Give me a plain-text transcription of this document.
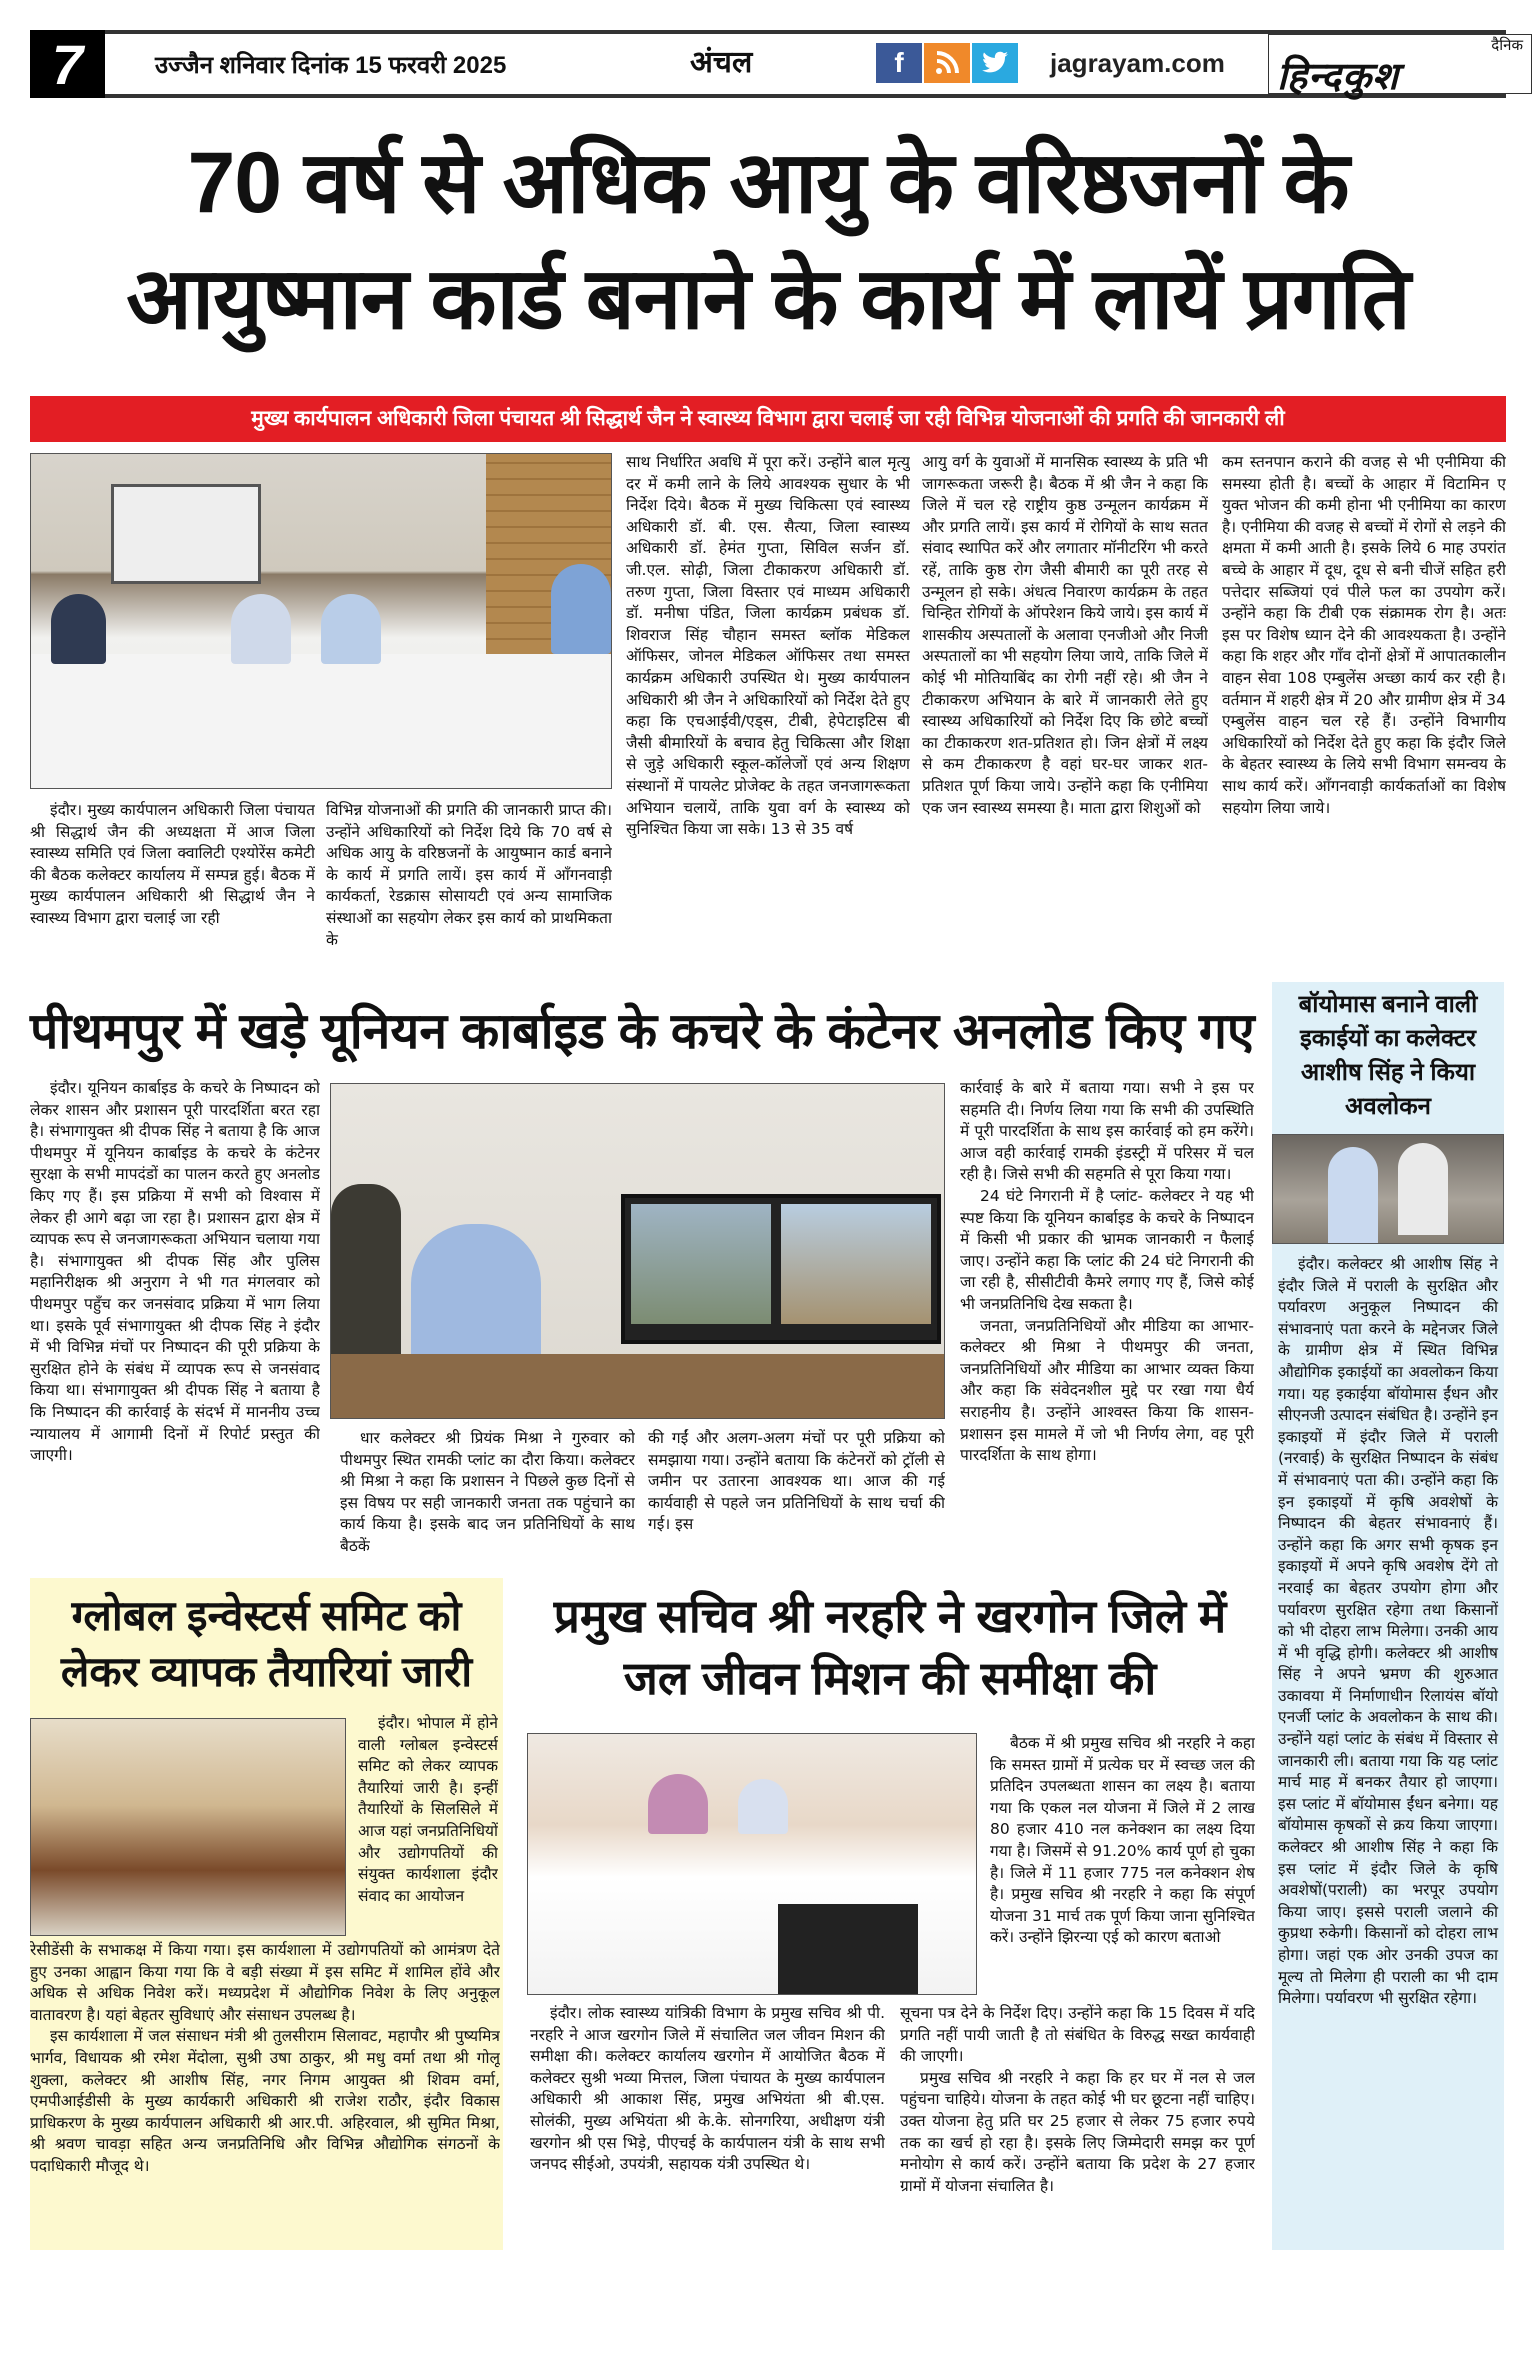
7	उज्जैन शनिवार दिनांक 15 फरवरी 2025	अंचल	f	jagrayam.com
दैनिक
हिन्दकुश
70 वर्ष से अधिक आयु के वरिष्ठजनों के
आयुष्मान कार्ड बनाने के कार्य में लायें प्रगति
मुख्य कार्यपालन अधिकारी जिला पंचायत श्री सिद्धार्थ जैन ने स्वास्थ्य विभाग द्वारा चलाई जा रही विभिन्न योजनाओं की प्रगति की जानकारी ली

इंदौर। मुख्य कार्यपालन अधिकारी जिला पंचायत श्री सिद्धार्थ जैन की अध्यक्षता में आज जिला स्वास्थ्य समिति एवं जिला क्वालिटी एश्योरेंस कमेटी की बैठक कलेक्टर कार्यालय में सम्पन्न हुई। बैठक में मुख्य कार्यपालन अधिकारी श्री सिद्धार्थ जैन ने स्वास्थ्य विभाग द्वारा चलाई जा रही

विभिन्न योजनाओं की प्रगति की जानकारी प्राप्त की। उन्होंने अधिकारियों को निर्देश दिये कि 70 वर्ष से अधिक आयु के वरिष्ठजनों के आयुष्मान कार्ड बनाने के कार्य में प्रगति लायें। इस कार्य में आँगनवाड़ी कार्यकर्ता, रेडक्रास सोसायटी एवं अन्य सामाजिक संस्थाओं का सहयोग लेकर इस कार्य को प्राथमिकता के

साथ निर्धारित अवधि में पूरा करें। उन्होंने बाल मृत्यु दर में कमी लाने के लिये आवश्यक सुधार के भी निर्देश दिये। बैठक में मुख्य चिकित्सा एवं स्वास्थ्य अधिकारी डॉ. बी. एस. सैत्या, जिला स्वास्थ्य अधिकारी डॉ. हेमंत गुप्ता, सिविल सर्जन डॉ. जी.एल. सोढ़ी, जिला टीकाकरण अधिकारी डॉ. तरुण गुप्ता, जिला विस्तार एवं माध्यम अधिकारी डॉ. मनीषा पंडित, जिला कार्यक्रम प्रबंधक डॉ. शिवराज सिंह चौहान समस्त ब्लॉक मेडिकल ऑफिसर, जोनल मेडिकल ऑफिसर तथा समस्त कार्यक्रम अधिकारी उपस्थित थे। मुख्य कार्यपालन अधिकारी श्री जैन ने अधिकारियों को निर्देश देते हुए कहा कि एचआईवी/एड्स, टीबी, हेपेटाइटिस बी जैसी बीमारियों के बचाव हेतु चिकित्सा और शिक्षा से जुड़े अधिकारी स्कूल-कॉलेजों एवं अन्य शिक्षण संस्थानों में पायलेट प्रोजेक्ट के तहत जनजागरूकता अभियान चलायें, ताकि युवा वर्ग के स्वास्थ्य को सुनिश्चित किया जा सके। 13 से 35 वर्ष

आयु वर्ग के युवाओं में मानसिक स्वास्थ्य के प्रति भी जागरूकता जरूरी है। बैठक में श्री जैन ने कहा कि जिले में चल रहे राष्ट्रीय कुष्ठ उन्मूलन कार्यक्रम में और प्रगति लायें। इस कार्य में रोगियों के साथ सतत संवाद स्थापित करें और लगातार मॉनीटरिंग भी करते रहें, ताकि कुष्ठ रोग जैसी बीमारी का पूरी तरह से उन्मूलन हो सके। अंधत्व निवारण कार्यक्रम के तहत चिन्हित रोगियों के ऑपरेशन किये जाये। इस कार्य में शासकीय अस्पतालों के अलावा एनजीओ और निजी अस्पतालों का भी सहयोग लिया जाये, ताकि जिले में कोई भी मोतियाबिंद का रोगी नहीं रहे। श्री जैन ने टीकाकरण अभियान के बारे में जानकारी लेते हुए स्वास्थ्य अधिकारियों को निर्देश दिए कि छोटे बच्चों का टीकाकरण शत-प्रतिशत हो। जिन क्षेत्रों में लक्ष्य से कम टीकाकरण है वहां घर-घर जाकर शत-प्रतिशत पूर्ण किया जाये। उन्होंने कहा कि एनीमिया एक जन स्वास्थ्य समस्या है। माता द्वारा शिशुओं को

कम स्तनपान कराने की वजह से भी एनीमिया की समस्या होती है। बच्चों के आहार में विटामिन ए युक्त भोजन की कमी होना भी एनीमिया का कारण है। एनीमिया की वजह से बच्चों में रोगों से लड़ने की क्षमता में कमी आती है। इसके लिये 6 माह उपरांत बच्चे के आहार में दूध, दूध से बनी चीजें सहित हरी पत्तेदार सब्जियां एवं पीले फल का उपयोग करें। उन्होंने कहा कि टीबी एक संक्रामक रोग है। अतः इस पर विशेष ध्यान देने की आवश्यकता है। उन्होंने कहा कि शहर और गाँव दोनों क्षेत्रों में आपातकालीन वाहन सेवा 108 एम्बुलेंस अच्छा कार्य कर रही है। वर्तमान में शहरी क्षेत्र में 20 और ग्रामीण क्षेत्र में 34 एम्बुलेंस वाहन चल रहे हैं। उन्होंने विभागीय अधिकारियों को निर्देश देते हुए कहा कि इंदौर जिले के बेहतर स्वास्थ्य के लिये सभी विभाग समन्वय के साथ कार्य करें। आँगनवाड़ी कार्यकर्ताओं का विशेष सहयोग लिया जाये।

पीथमपुर में खड़े यूनियन कार्बाइड के कचरे के कंटेनर अनलोड किए गए

इंदौर। यूनियन कार्बाइड के कचरे के निष्पादन को लेकर शासन और प्रशासन पूरी पारदर्शिता बरत रहा है। संभागायुक्त श्री दीपक सिंह ने बताया है कि आज पीथमपुर में यूनियन कार्बाइड के कचरे के कंटेनर सुरक्षा के सभी मापदंडों का पालन करते हुए अनलोड किए गए हैं। इस प्रक्रिया में सभी को विश्वास में लेकर ही आगे बढ़ा जा रहा है। प्रशासन द्वारा क्षेत्र में व्यापक रूप से जनजागरूकता अभियान चलाया गया है। संभागायुक्त श्री दीपक सिंह और पुलिस महानिरीक्षक श्री अनुराग ने भी गत मंगलवार को पीथमपुर पहुँच कर जनसंवाद प्रक्रिया में भाग लिया था। इसके पूर्व संभागायुक्त श्री दीपक सिंह ने इंदौर में भी विभिन्न मंचों पर निष्पादन की पूरी प्रक्रिया के सुरक्षित होने के संबंध में व्यापक रूप से जनसंवाद किया था। संभागायुक्त श्री दीपक सिंह ने बताया है कि निष्पादन की कार्रवाई के संदर्भ में माननीय उच्च न्यायालय में आगामी दिनों में रिपोर्ट प्रस्तुत की जाएगी।

धार कलेक्टर श्री प्रियंक मिश्रा ने गुरुवार को पीथमपुर स्थित रामकी प्लांट का दौरा किया। कलेक्टर श्री मिश्रा ने कहा कि प्रशासन ने पिछले कुछ दिनों से इस विषय पर सही जानकारी जनता तक पहुंचाने का कार्य किया है। इसके बाद जन प्रतिनिधियों के साथ बैठकें

की गईं और अलग-अलग मंचों पर पूरी प्रक्रिया को समझाया गया। उन्होंने बताया कि कंटेनरों को ट्रॉली से जमीन पर उतारना आवश्यक था। आज की गई कार्यवाही से पहले जन प्रतिनिधियों के साथ चर्चा की गई। इस

कार्रवाई के बारे में बताया गया। सभी ने इस पर सहमति दी। निर्णय लिया गया कि सभी की उपस्थिति में पूरी पारदर्शिता के साथ इस कार्रवाई को हम करेंगे। आज वही कार्रवाई रामकी इंडस्ट्री में परिसर में चल रही है। जिसे सभी की सहमति से पूरा किया गया।

24 घंटे निगरानी में है प्लांट- कलेक्टर ने यह भी स्पष्ट किया कि यूनियन कार्बाइड के कचरे के निष्पादन में किसी भी प्रकार की भ्रामक जानकारी न फैलाई जाए। उन्होंने कहा कि प्लांट की 24 घंटे निगरानी की जा रही है, सीसीटीवी कैमरे लगाए गए हैं, जिसे कोई भी जनप्रतिनिधि देख सकता है।

जनता, जनप्रतिनिधियों और मीडिया का आभार- कलेक्टर श्री मिश्रा ने पीथमपुर की जनता, जनप्रतिनिधियों और मीडिया का आभार व्यक्त किया और कहा कि संवेदनशील मुद्दे पर रखा गया धैर्य सराहनीय है। उन्होंने आश्वस्त किया कि शासन-प्रशासन इस मामले में जो भी निर्णय लेगा, वह पूरी पारदर्शिता के साथ होगा।

बॉयोमास बनाने वाली इकाईयों का कलेक्टर आशीष सिंह ने किया अवलोकन

इंदौर। कलेक्टर श्री आशीष सिंह ने इंदौर जिले में पराली के सुरक्षित और पर्यावरण अनुकूल निष्पादन की संभावनाएं पता करने के मद्देनजर जिले के ग्रामीण क्षेत्र में स्थित विभिन्न औद्योगिक इकाईयों का अवलोकन किया गया। यह इकाईया बॉयोमास ईंधन और सीएनजी उत्पादन संबंधित है। उन्होंने इन इकाइयों में इंदौर जिले में पराली (नरवाई) के सुरक्षित निष्पादन के संबंध में संभावनाएं पता की। उन्होंने कहा कि इन इकाइयों में कृषि अवशेषों के निष्पादन की बेहतर संभावनाएं हैं। उन्होंने कहा कि अगर सभी कृषक इन इकाइयों में अपने कृषि अवशेष देंगे तो नरवाई का बेहतर उपयोग होगा और पर्यावरण सुरक्षित रहेगा तथा किसानों को भी दोहरा लाभ मिलेगा। उनकी आय में भी वृद्धि होगी। कलेक्टर श्री आशीष सिंह ने अपने भ्रमण की शुरुआत उकावया में निर्माणाधीन रिलायंस बॉयो एनर्जी प्लांट के अवलोकन के साथ की। उन्होंने यहां प्लांट के संबंध में विस्तार से जानकारी ली। बताया गया कि यह प्लांट मार्च माह में बनकर तैयार हो जाएगा। इस प्लांट में बॉयोमास ईंधन बनेगा। यह बॉयोमास कृषकों से क्रय किया जाएगा। कलेक्टर श्री आशीष सिंह ने कहा कि इस प्लांट में इंदौर जिले के कृषि अवशेषों(पराली) का भरपूर उपयोग किया जाए। इससे पराली जलाने की कुप्रथा रुकेगी। किसानों को दोहरा लाभ होगा। जहां एक ओर उनकी उपज का मूल्य तो मिलेगा ही पराली का भी दाम मिलेगा। पर्यावरण भी सुरक्षित रहेगा।

ग्लोबल इन्वेस्टर्स समिट को लेकर व्यापक तैयारियां जारी

इंदौर। भोपाल में होने वाली ग्लोबल इन्वेस्टर्स समिट को लेकर व्यापक तैयारियां जारी है। इन्हीं तैयारियों के सिलसिले में आज यहां जनप्रतिनिधियों और उद्योगपतियों की संयुक्त कार्यशाला इंदौर संवाद का आयोजन

रेसीडेंसी के सभाकक्ष में किया गया। इस कार्यशाला में उद्योगपतियों को आमंत्रण देते हुए उनका आह्वान किया गया कि वे बड़ी संख्या में इस समिट में शामिल होंवे और अधिक से अधिक निवेश करें। मध्यप्रदेश में औद्योगिक निवेश के लिए अनुकूल वातावरण है। यहां बेहतर सुविधाएं और संसाधन उपलब्ध है।

इस कार्यशाला में जल संसाधन मंत्री श्री तुलसीराम सिलावट, महापौर श्री पुष्यमित्र भार्गव, विधायक श्री रमेश मेंदोला, सुश्री उषा ठाकुर, श्री मधु वर्मा तथा श्री गोलू शुक्ला, कलेक्टर श्री आशीष सिंह, नगर निगम आयुक्त श्री शिवम वर्मा, एमपीआईडीसी के मुख्य कार्यकारी अधिकारी श्री राजेश राठौर, इंदौर विकास प्राधिकरण के मुख्य कार्यपालन अधिकारी श्री आर.पी. अहिरवाल, श्री सुमित मिश्रा, श्री श्रवण चावड़ा सहित अन्य जनप्रतिनिधि और विभिन्न औद्योगिक संगठनों के पदाधिकारी मौजूद थे।

प्रमुख सचिव श्री नरहरि ने खरगोन जिले में जल जीवन मिशन की समीक्षा की

बैठक में श्री प्रमुख सचिव श्री नरहरि ने कहा कि समस्त ग्रामों में प्रत्येक घर में स्वच्छ जल की प्रतिदिन उपलब्धता शासन का लक्ष्य है। बताया गया कि एकल नल योजना में जिले में 2 लाख 80 हजार 410 नल कनेक्शन का लक्ष्य दिया गया है। जिसमें से 91.20% कार्य पूर्ण हो चुका है। जिले में 11 हजार 775 नल कनेक्शन शेष है। प्रमुख सचिव श्री नरहरि ने कहा कि संपूर्ण योजना 31 मार्च तक पूर्ण किया जाना सुनिश्चित करें। उन्होंने झिरन्या एई को कारण बताओ

इंदौर। लोक स्वास्थ्य यांत्रिकी विभाग के प्रमुख सचिव श्री पी. नरहरि ने आज खरगोन जिले में संचालित जल जीवन मिशन की समीक्षा की। कलेक्टर कार्यालय खरगोन में आयोजित बैठक में कलेक्टर सुश्री भव्या मित्तल, जिला पंचायत के मुख्य कार्यपालन अधिकारी श्री आकाश सिंह, प्रमुख अभियंता श्री बी.एस. सोलंकी, मुख्य अभियंता श्री के.के. सोनगरिया, अधीक्षण यंत्री खरगोन श्री एस भिड़े, पीएचई के कार्यपालन यंत्री के साथ सभी जनपद सीईओ, उपयंत्री, सहायक यंत्री उपस्थित थे।

सूचना पत्र देने के निर्देश दिए। उन्होंने कहा कि 15 दिवस में यदि प्रगति नहीं पायी जाती है तो संबंधित के विरुद्ध सख्त कार्यवाही की जाएगी।

प्रमुख सचिव श्री नरहरि ने कहा कि हर घर में नल से जल पहुंचना चाहिये। योजना के तहत कोई भी घर छूटना नहीं चाहिए। उक्त योजना हेतु प्रति घर 25 हजार से लेकर 75 हजार रुपये तक का खर्च हो रहा है। इसके लिए जिम्मेदारी समझ कर पूर्ण मनोयोग से कार्य करें। उन्होंने बताया कि प्रदेश के 27 हजार ग्रामों में योजना संचालित है।
